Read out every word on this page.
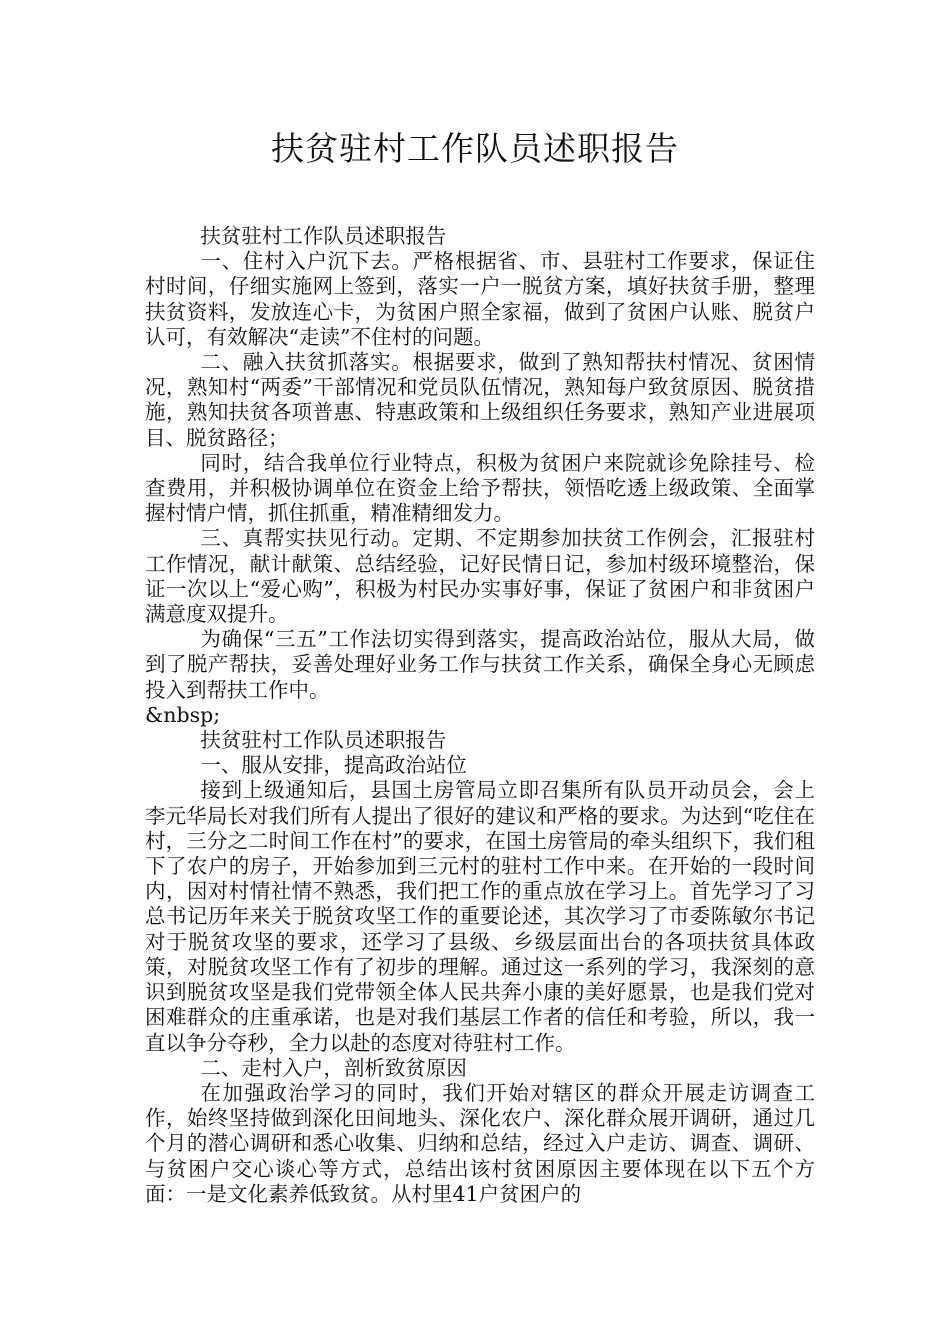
扶贫驻村工作队员述职报告

扶贫驻村工作队员述职报告

一、住村入户沉下去。严格根据省、市、县驻村工作要求，保证住村时间，仔细实施网上签到，落实一户一脱贫方案，填好扶贫手册，整理扶贫资料，发放连心卡，为贫困户照全家福，做到了贫困户认账、脱贫户认可，有效解决“走读”不住村的问题。

二、融入扶贫抓落实。根据要求，做到了熟知帮扶村情况、贫困情况，熟知村“两委”干部情况和党员队伍情况，熟知每户致贫原因、脱贫措施，熟知扶贫各项普惠、特惠政策和上级组织任务要求，熟知产业进展项目、脱贫路径；

同时，结合我单位行业特点，积极为贫困户来院就诊免除挂号、检查费用，并积极协调单位在资金上给予帮扶，领悟吃透上级政策、全面掌握村情户情，抓住抓重，精准精细发力。

三、真帮实扶见行动。定期、不定期参加扶贫工作例会，汇报驻村工作情况，献计献策、总结经验，记好民情日记，参加村级环境整治，保证一次以上“爱心购”，积极为村民办实事好事，保证了贫困户和非贫困户满意度双提升。

为确保“三五”工作法切实得到落实，提高政治站位，服从大局，做到了脱产帮扶，妥善处理好业务工作与扶贫工作关系，确保全身心无顾虑投入到帮扶工作中。

&nbsp;

扶贫驻村工作队员述职报告

一、服从安排，提高政治站位

接到上级通知后，县国土房管局立即召集所有队员开动员会，会上李元华局长对我们所有人提出了很好的建议和严格的要求。为达到“吃住在村，三分之二时间工作在村”的要求，在国土房管局的牵头组织下，我们租下了农户的房子，开始参加到三元村的驻村工作中来。在开始的一段时间内，因对村情社情不熟悉，我们把工作的重点放在学习上。首先学习了习总书记历年来关于脱贫攻坚工作的重要论述，其次学习了市委陈敏尔书记对于脱贫攻坚的要求，还学习了县级、乡级层面出台的各项扶贫具体政策，对脱贫攻坚工作有了初步的理解。通过这一系列的学习，我深刻的意识到脱贫攻坚是我们党带领全体人民共奔小康的美好愿景，也是我们党对困难群众的庄重承诺，也是对我们基层工作者的信任和考验，所以，我一直以争分夺秒，全力以赴的态度对待驻村工作。

二、走村入户，剖析致贫原因

在加强政治学习的同时，我们开始对辖区的群众开展走访调查工作，始终坚持做到深化田间地头、深化农户、深化群众展开调研，通过几个月的潜心调研和悉心收集、归纳和总结，经过入户走访、调查、调研、与贫困户交心谈心等方式，总结出该村贫困原因主要体现在以下五个方面：一是文化素养低致贫。从村里41户贫困户的
